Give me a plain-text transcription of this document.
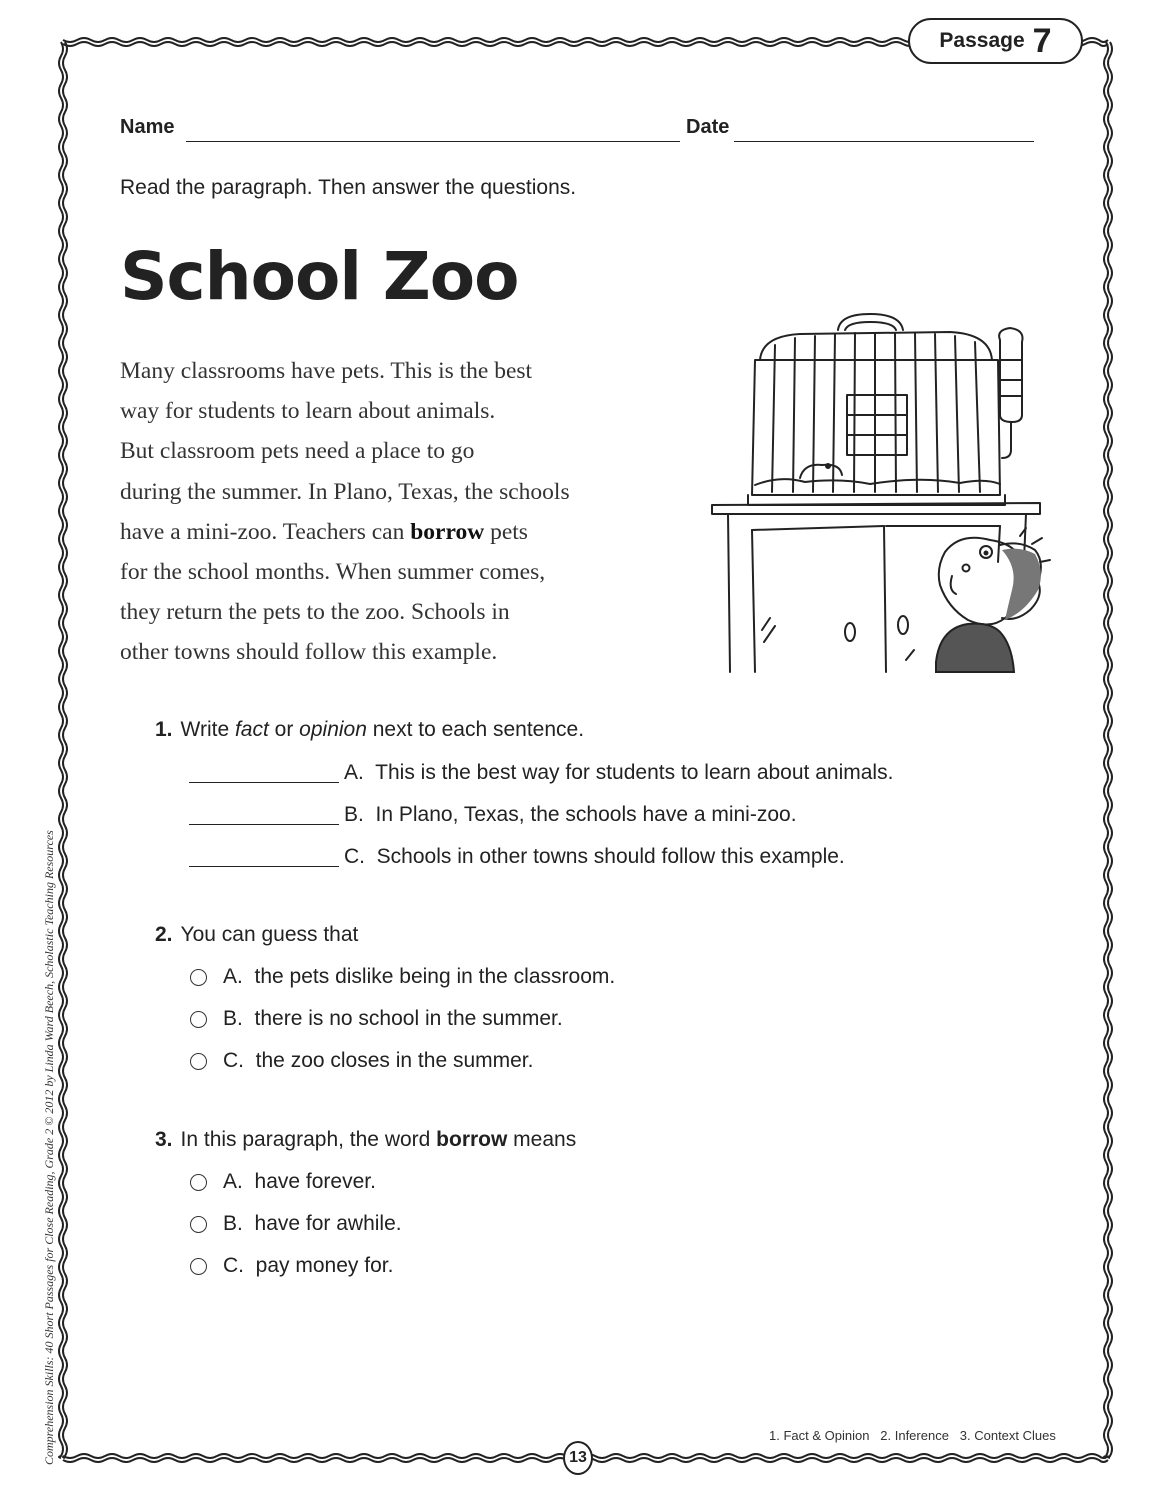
Passage 7
Name	Date
Read the paragraph. Then answer the questions.
School Zoo
Many classrooms have pets. This is the best
way for students to learn about animals.
But classroom pets need a place to go
during the summer. In Plano, Texas, the schools
have a mini-zoo. Teachers can borrow pets
for the school months. When summer comes,
they return the pets to the zoo. Schools in
other towns should follow this example.
1. Write fact or opinion next to each sentence.
A. This is the best way for students to learn about animals.
B. In Plano, Texas, the schools have a mini-zoo.
C. Schools in other towns should follow this example.
2. You can guess that
A. the pets dislike being in the classroom.
B. there is no school in the summer.
C. the zoo closes in the summer.
3. In this paragraph, the word borrow means
A. have forever.
B. have for awhile.
C. pay money for.
1. Fact & Opinion   2. Inference   3. Context Clues
13
Comprehension Skills: 40 Short Passages for Close Reading, Grade 2 © 2012 by Linda Ward Beech, Scholastic Teaching Resources
